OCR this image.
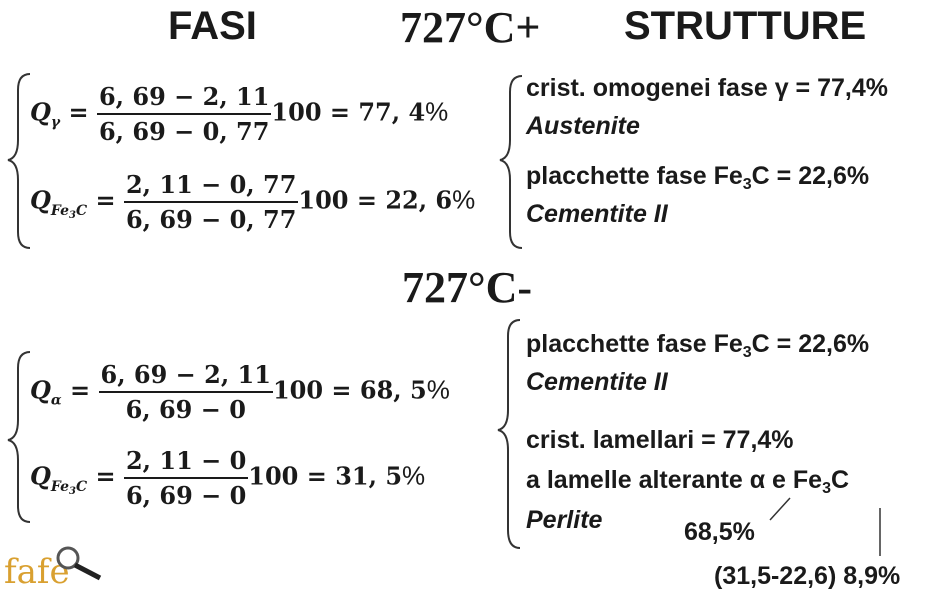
FASI	727°C+ STRUTTURE
727°C-
$Q_\gamma = \frac{6, 69 - 2, 11}{6, 69 - 0, 77} 100 = 77$, 4%
$Q_{Fe_3C} = \frac{2, 11 - 0, 77}{6, 69 - 0, 77} 100 = 22$, 6%
crist. omogenei fase γ = 77,4%
Austenite
placchette fase $Fe_3C = 22,6\%$
Cementite II
$Q_\alpha = \frac{6, 69 - 2, 11}{6, 69 - 0} 100 = 68$, 5%
$Q_{Fe_3C} = \frac{2, 11 - 0}{6, 69 - 0} 100 = 31$, 5%
placchette fase $Fe_3C = 22,6\%$
Cementite II
crist. lamellari = 77,4%
a lamelle alterante α e $Fe_3C$
Perlite	68,5%
(31,5-22,6) 8,9%
fafe
